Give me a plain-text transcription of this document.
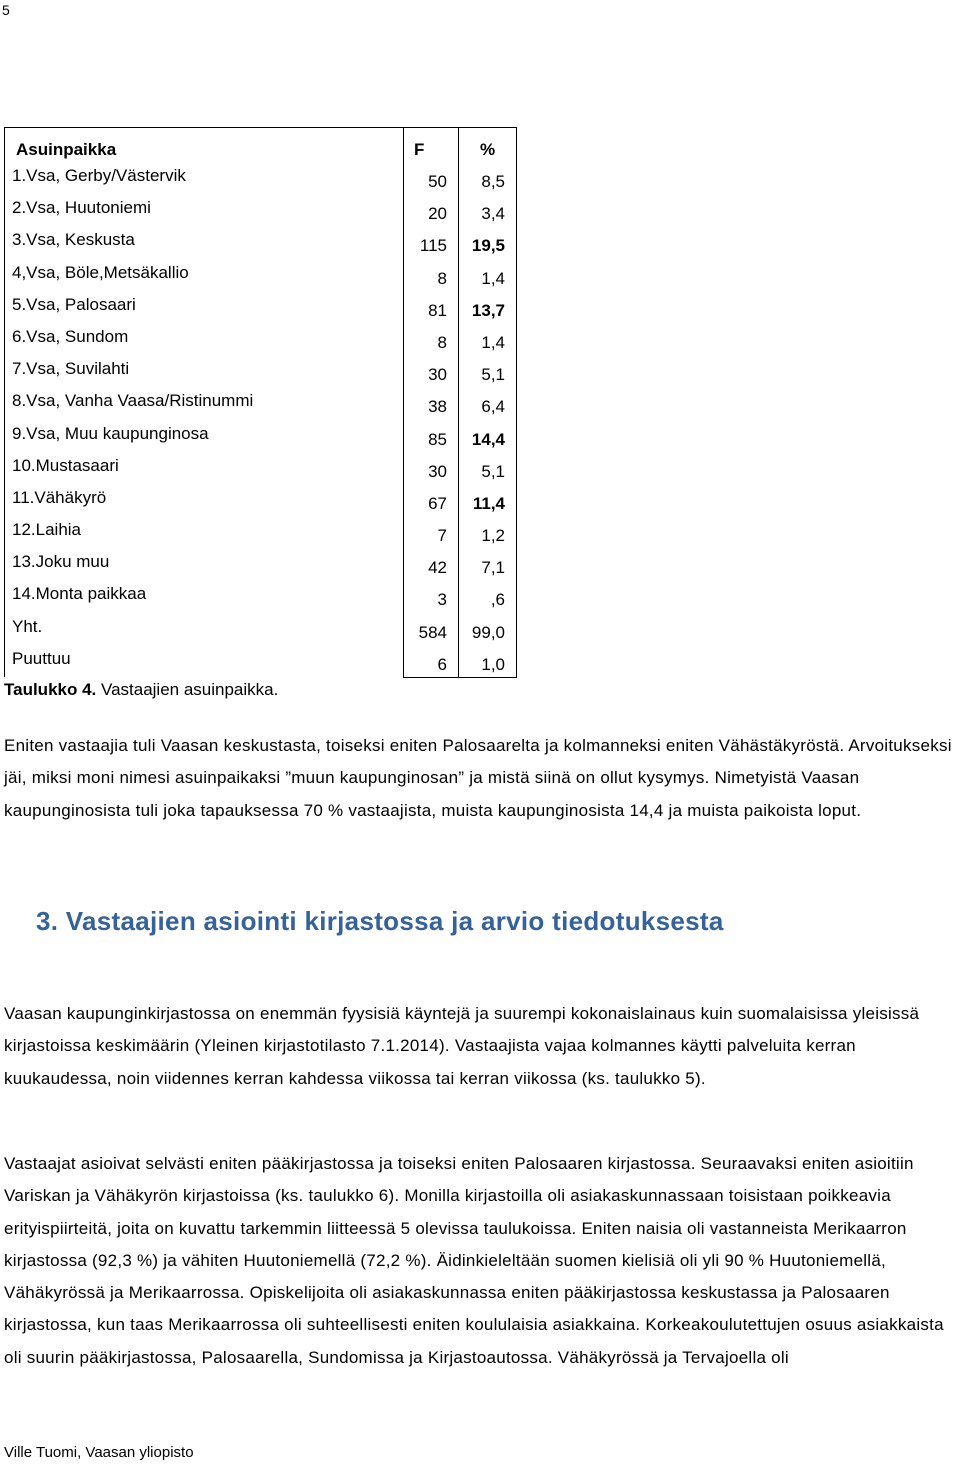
5
Asuinpaikka	F	%
1.Vsa, Gerby/Västervik	50 8,5
2.Vsa, Huutoniemi	20 3,4
3.Vsa, Keskusta	115 19,5
4,Vsa, Böle,Metsäkallio	8 1,4
5.Vsa, Palosaari	81 13,7
6.Vsa, Sundom	8 1,4
7.Vsa, Suvilahti	30 5,1
8.Vsa, Vanha Vaasa/Ristinummi	38 6,4
9.Vsa, Muu kaupunginosa	85 14,4
10.Mustasaari	30 5,1
11.Vähäkyrö	67 11,4
12.Laihia	7 1,2
13.Joku muu	42 7,1
14.Monta paikkaa	3	,6
Yht.	584 99,0
Puuttuu	6 1,0
Taulukko 4. Vastaajien asuinpaikka.
Eniten vastaajia tuli Vaasan keskustasta, toiseksi eniten Palosaarelta ja kolmanneksi eniten Vähästäkyröstä. Arvoitukseksi jäi, miksi moni nimesi asuinpaikaksi ”muun kaupunginosan” ja mistä siinä on ollut kysymys. Nimetyistä Vaasan kaupunginosista tuli joka tapauksessa 70 % vastaajista, muista kaupunginosista 14,4 ja muista paikoista loput.
3. Vastaajien asiointi kirjastossa ja arvio tiedotuksesta
Vaasan kaupunginkirjastossa on enemmän fyysisiä käyntejä ja suurempi kokonaislainaus kuin suomalaisissa yleisissä kirjastoissa keskimäärin (Yleinen kirjastotilasto 7.1.2014). Vastaajista vajaa kolmannes käytti palveluita kerran kuukaudessa, noin viidennes kerran kahdessa viikossa tai kerran viikossa (ks. taulukko 5).
Vastaajat asioivat selvästi eniten pääkirjastossa ja toiseksi eniten Palosaaren kirjastossa. Seuraavaksi eniten asioitiin Variskan ja Vähäkyrön kirjastoissa (ks. taulukko 6). Monilla kirjastoilla oli asiakaskunnassaan toisistaan poikkeavia erityispiirteitä, joita on kuvattu tarkemmin liitteessä 5 olevissa taulukoissa. Eniten naisia oli vastanneista Merikaarron kirjastossa (92,3 %) ja vähiten Huutoniemellä (72,2 %). Äidinkieleltään suomen kielisiä oli yli 90 % Huutoniemellä, Vähäkyrössä ja Merikaarrossa. Opiskelijoita oli asiakaskunnassa eniten pääkirjastossa keskustassa ja Palosaaren kirjastossa, kun taas Merikaarrossa oli suhteellisesti eniten koululaisia asiakkaina. Korkeakoulutettujen osuus asiakkaista oli suurin pääkirjastossa, Palosaarella, Sundomissa ja Kirjastoautossa. Vähäkyrössä ja Tervajoella oli
Ville Tuomi, Vaasan yliopisto
